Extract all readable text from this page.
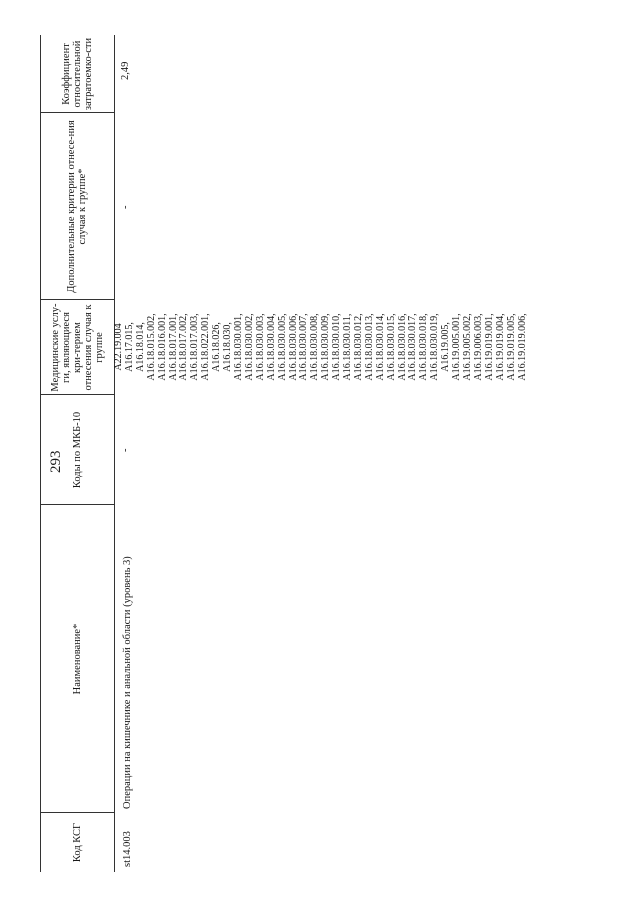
293
Код КСГ
Наименование*
Коды по МКБ-10
Медицинские услу-ги, являющиеся кри-терием отнесения случая к группе
Дополнительные критерии отнесе-ния случая к группе*
Коэффициент относительной затратоемко-сти
st14.003
Операции на кишечнике и анальной области (уровень 3)
-
-
2,49
A22.19.004 A16.17.015, A16.18.014, A16.18.015.002, A16.18.016.001, A16.18.017.001, A16.18.017.002, A16.18.017.003, A16.18.022.001, A16.18.026, A16.18.030, A16.18.030.001, A16.18.030.002, A16.18.030.003, A16.18.030.004, A16.18.030.005, A16.18.030.006, A16.18.030.007, A16.18.030.008, A16.18.030.009, A16.18.030.010, A16.18.030.011, A16.18.030.012, A16.18.030.013, A16.18.030.014, A16.18.030.015, A16.18.030.016, A16.18.030.017, A16.18.030.018, A16.18.030.019, A16.19.005, A16.19.005.001, A16.19.005.002, A16.19.006.003, A16.19.019.001, A16.19.019.004, A16.19.019.005, A16.19.019.006,
